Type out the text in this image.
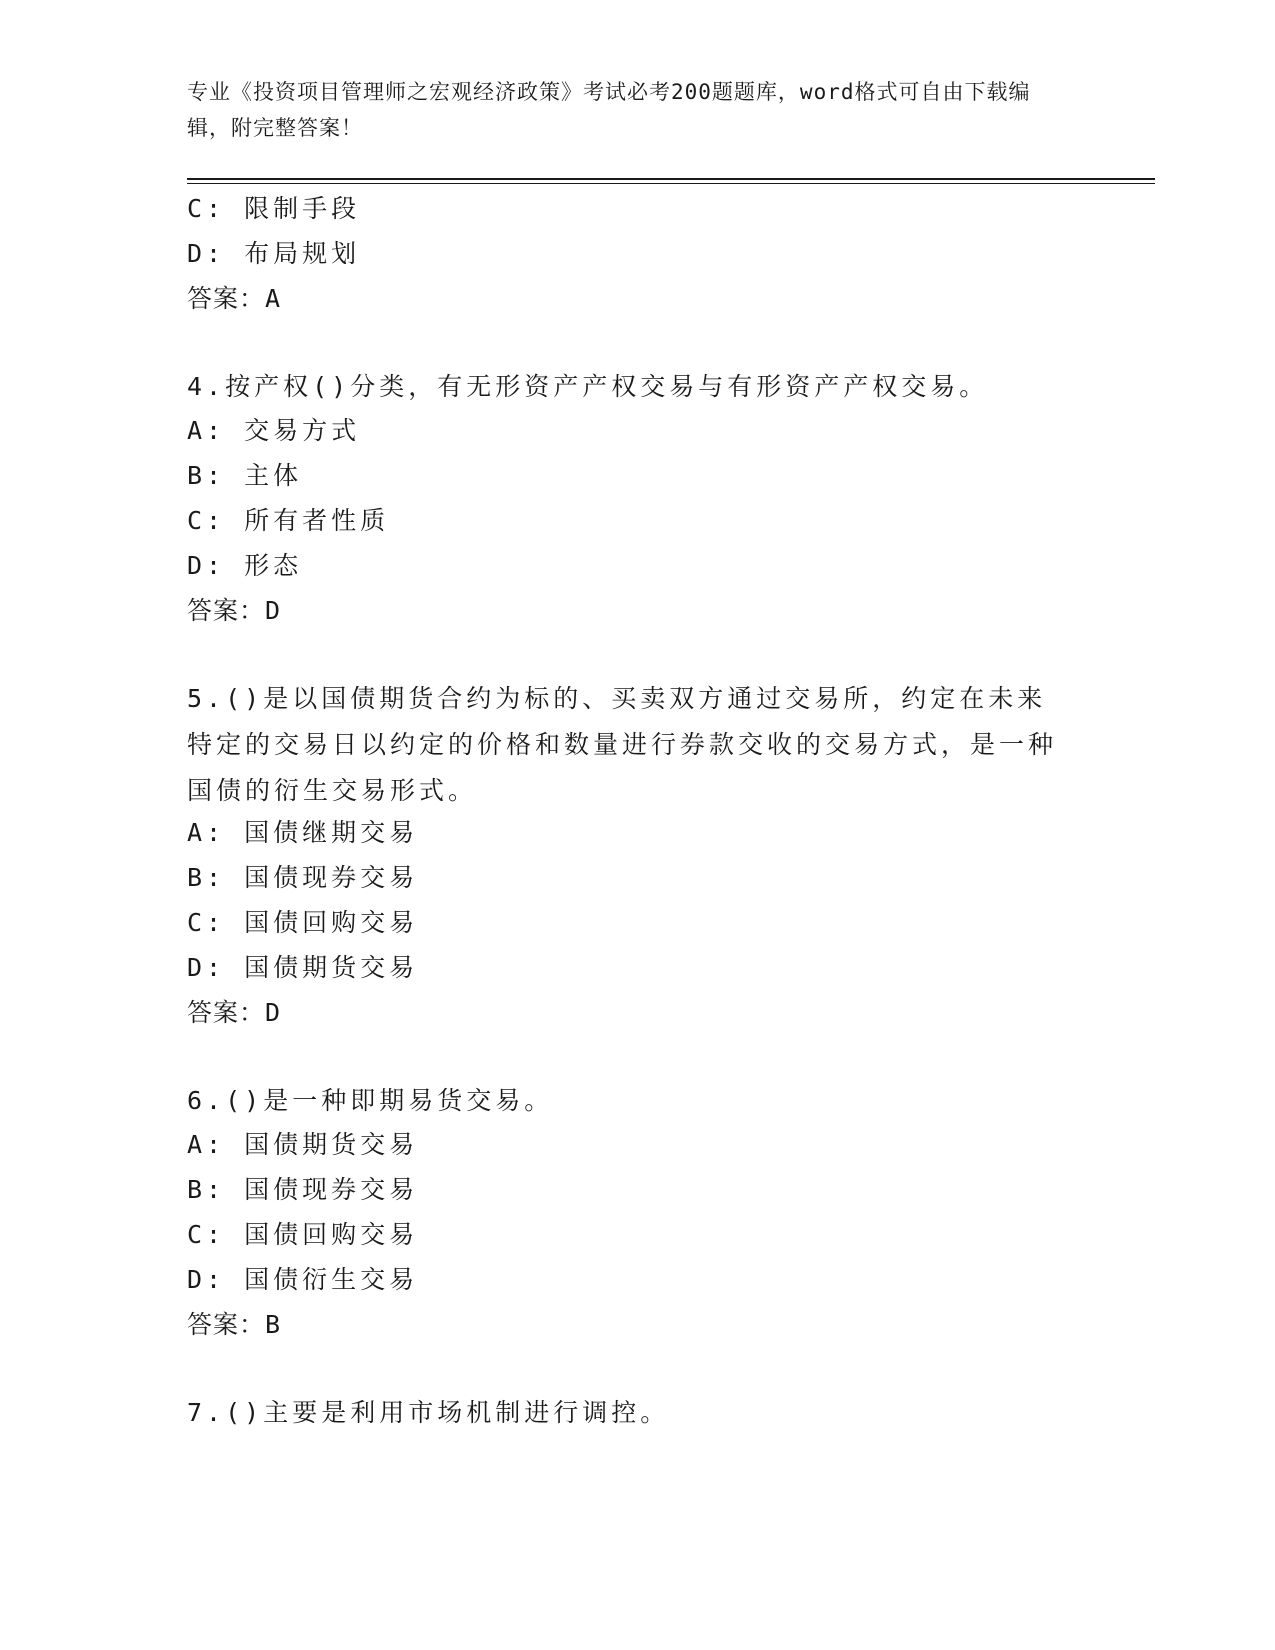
专业《投资项目管理师之宏观经济政策》考试必考200题题库，word格式可自由下载编辑，附完整答案！
C: 限制手段
D: 布局规划
答案：A
4.按产权()分类，有无形资产产权交易与有形资产产权交易。
A: 交易方式
B: 主体
C: 所有者性质
D: 形态
答案：D
5.()是以国债期货合约为标的、买卖双方通过交易所，约定在未来特定的交易日以约定的价格和数量进行券款交收的交易方式，是一种国债的衍生交易形式。
A: 国债继期交易
B: 国债现券交易
C: 国债回购交易
D: 国债期货交易
答案：D
6.()是一种即期易货交易。
A: 国债期货交易
B: 国债现券交易
C: 国债回购交易
D: 国债衍生交易
答案：B
7.()主要是利用市场机制进行调控。
